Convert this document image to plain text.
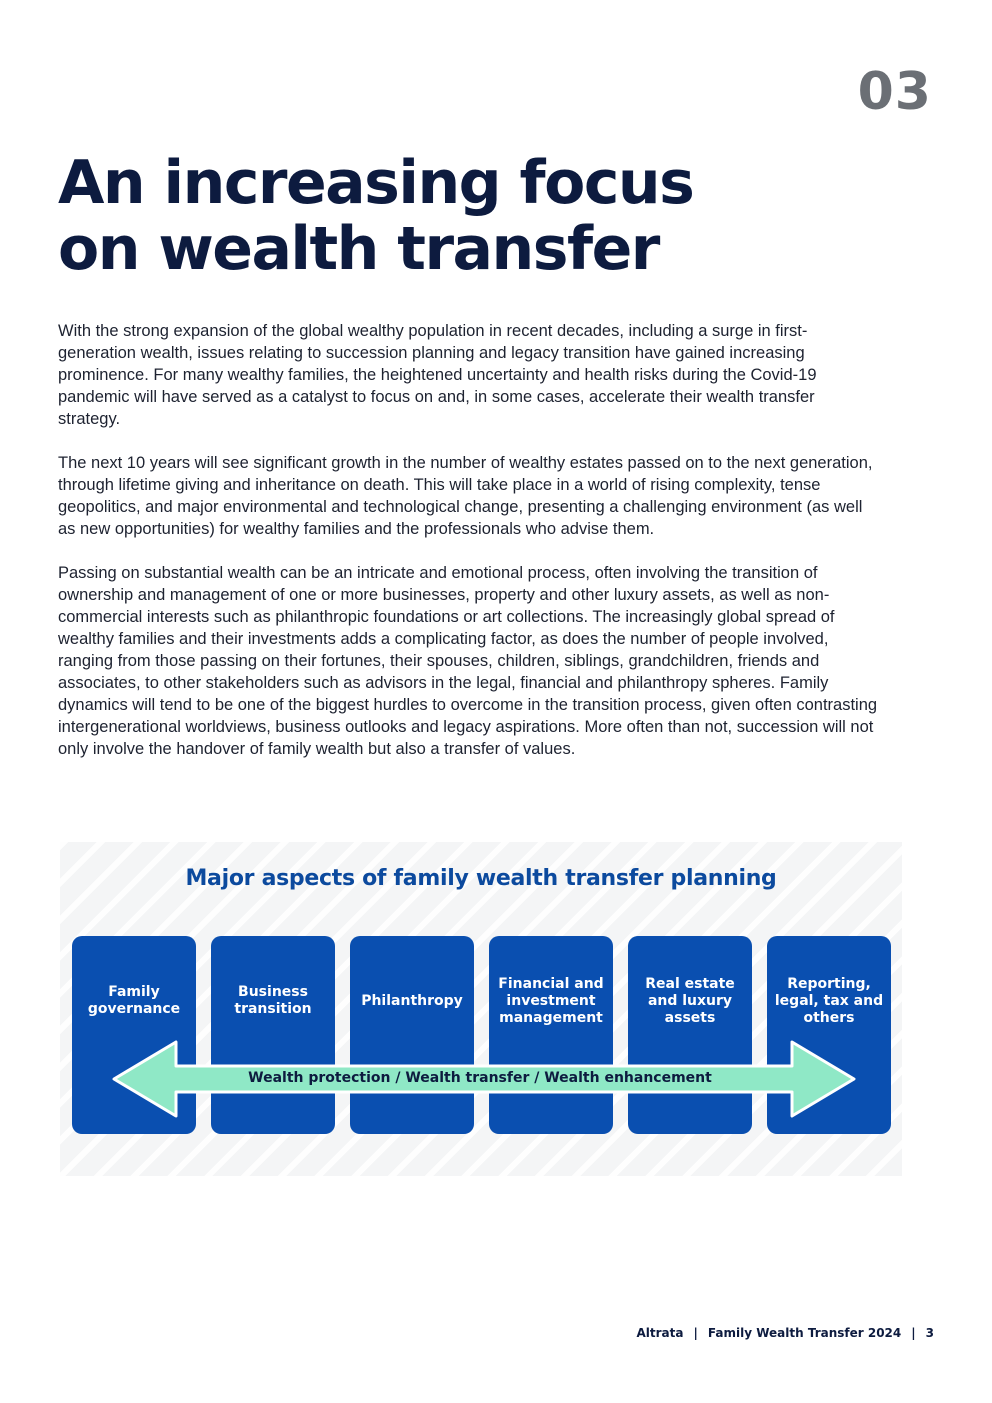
03
An increasing focus on wealth transfer

With the strong expansion of the global wealthy population in recent decades, including a surge in first-generation wealth, issues relating to succession planning and legacy transition have gained increasing prominence. For many wealthy families, the heightened uncertainty and health risks during the Covid-19 pandemic will have served as a catalyst to focus on and, in some cases, accelerate their wealth transfer strategy.

The next 10 years will see significant growth in the number of wealthy estates passed on to the next generation, through lifetime giving and inheritance on death. This will take place in a world of rising complexity, tense geopolitics, and major environmental and technological change, presenting a challenging environment (as well as new opportunities) for wealthy families and the professionals who advise them.

Passing on substantial wealth can be an intricate and emotional process, often involving the transition of ownership and management of one or more businesses, property and other luxury assets, as well as non-commercial interests such as philanthropic foundations or art collections. The increasingly global spread of wealthy families and their investments adds a complicating factor, as does the number of people involved, ranging from those passing on their fortunes, their spouses, children, siblings, grandchildren, friends and associates, to other stakeholders such as advisors in the legal, financial and philanthropy spheres. Family dynamics will tend to be one of the biggest hurdles to overcome in the transition process, given often contrasting intergenerational worldviews, business outlooks and legacy aspirations. More often than not, succession will not only involve the handover of family wealth but also a transfer of values.

Major aspects of family wealth transfer planning
Family governance
Business transition
Philanthropy
Financial and investment management
Real estate and luxury assets
Reporting, legal, tax and others
Wealth protection / Wealth transfer / Wealth enhancement
Altrata | Family Wealth Transfer 2024 | 3
